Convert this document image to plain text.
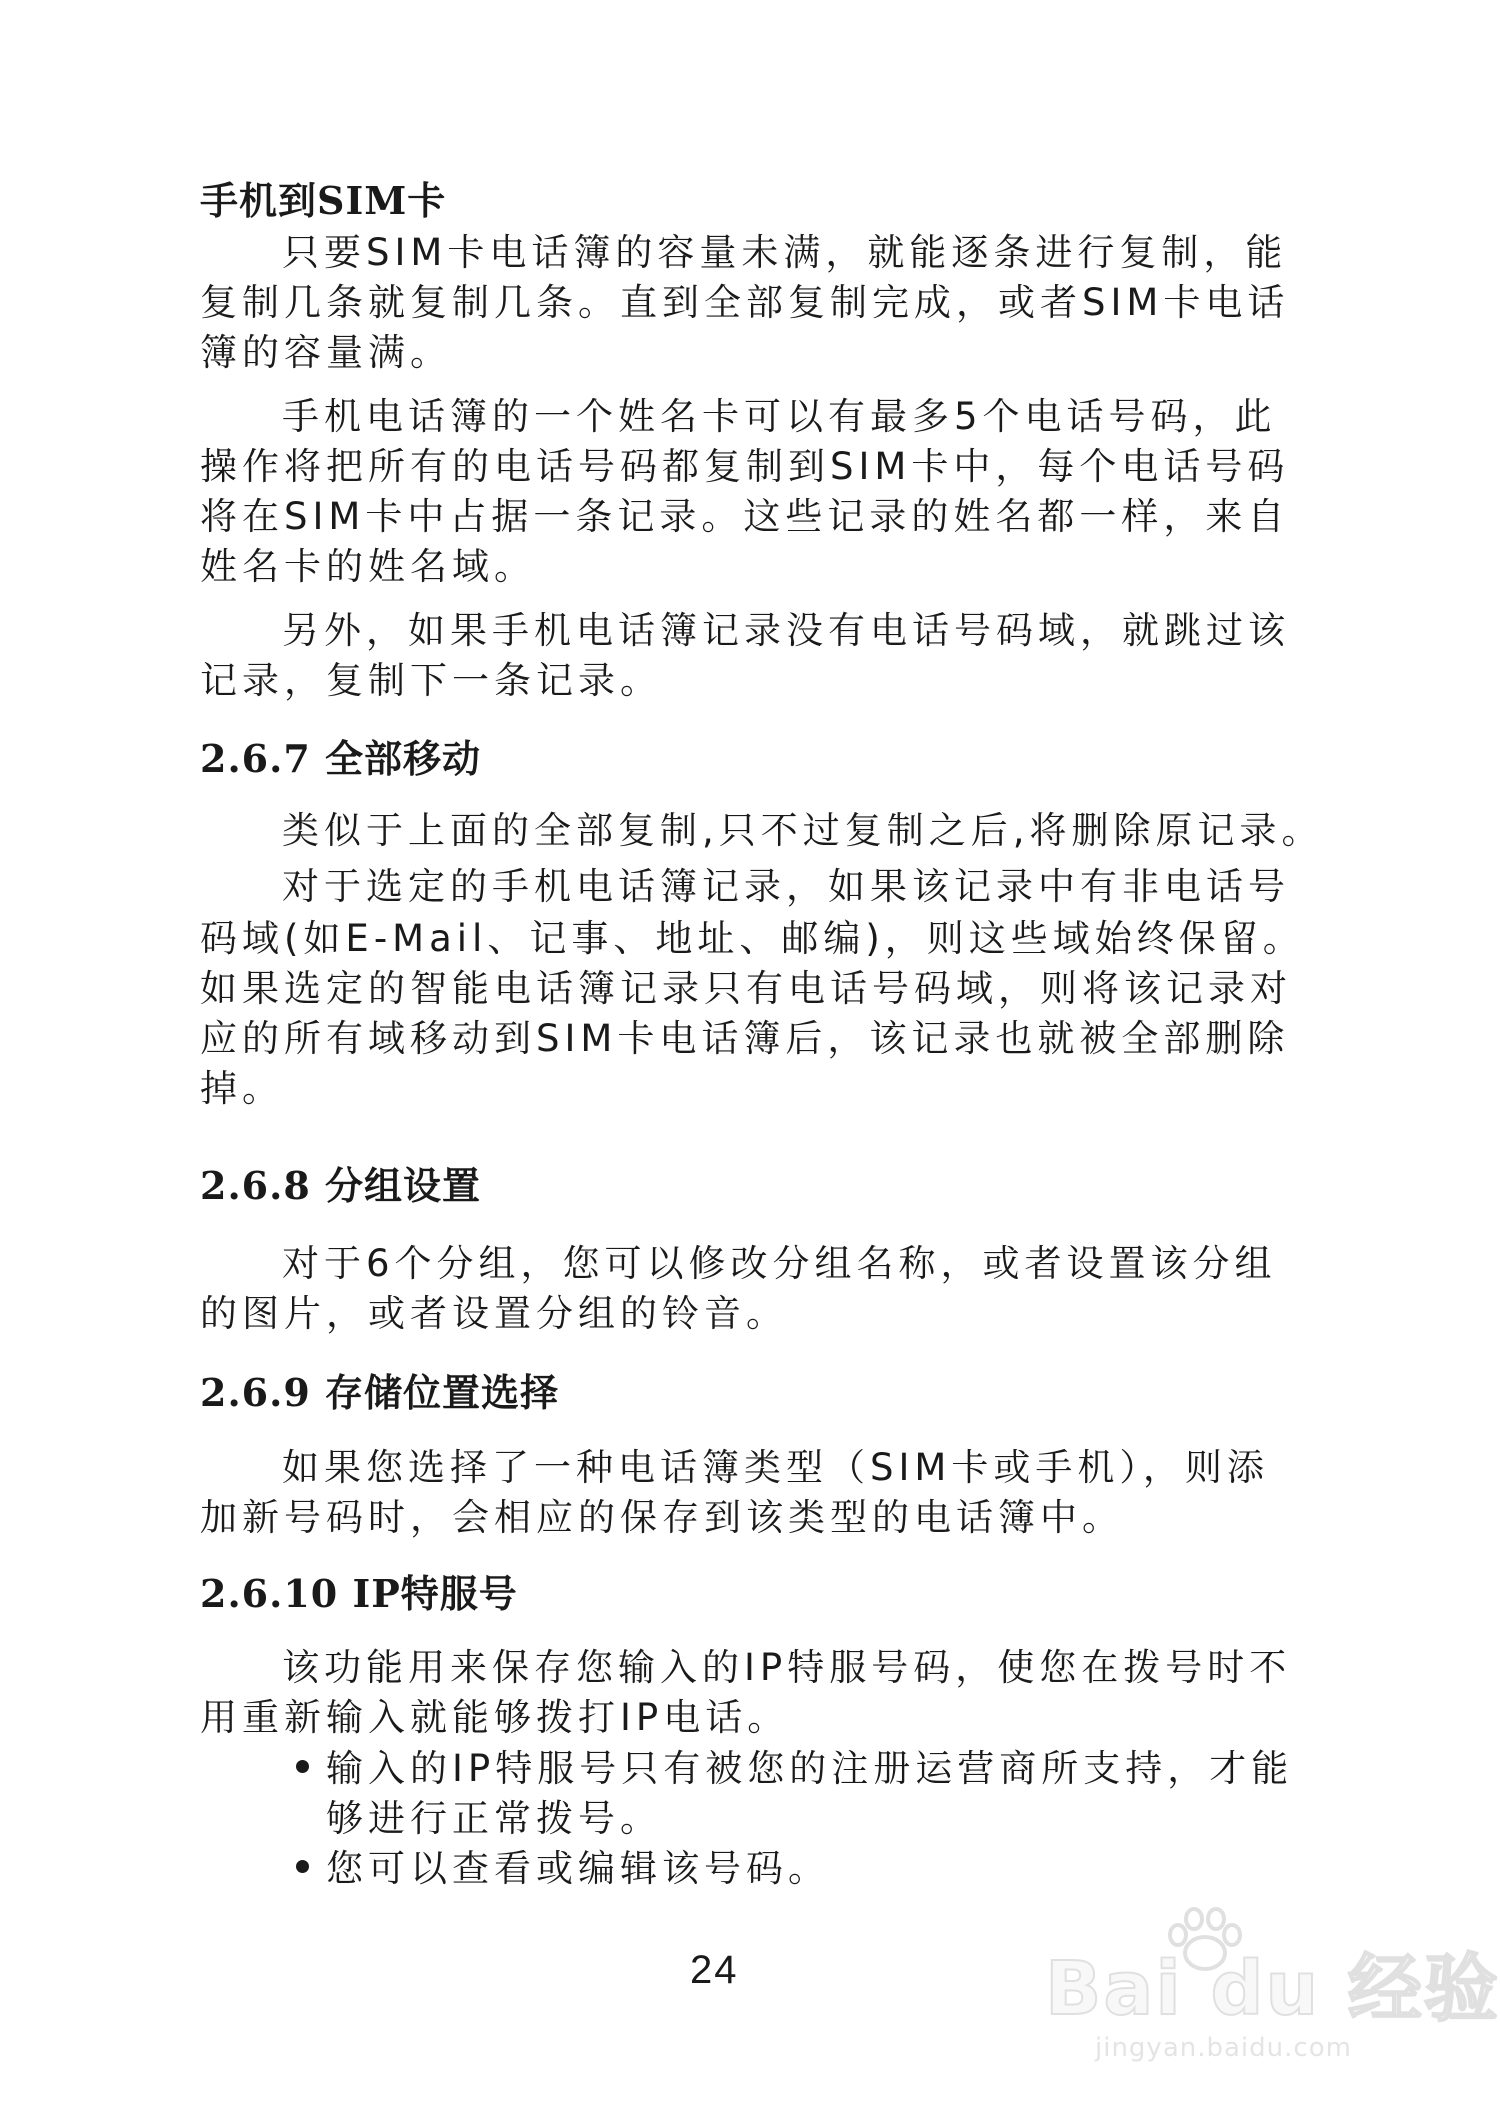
手机到SIM卡
只要SIM卡电话簿的容量未满，就能逐条进行复制，能
复制几条就复制几条。直到全部复制完成，或者SIM卡电话
簿的容量满。
手机电话簿的一个姓名卡可以有最多5个电话号码，此
操作将把所有的电话号码都复制到SIM卡中，每个电话号码
将在SIM卡中占据一条记录。这些记录的姓名都一样，来自
姓名卡的姓名域。
另外，如果手机电话簿记录没有电话号码域，就跳过该
记录，复制下一条记录。
2.6.7 全部移动
类似于上面的全部复制,只不过复制之后,将删除原记录。
对于选定的手机电话簿记录，如果该记录中有非电话号
码域(如E-Mail、记事、地址、邮编)，则这些域始终保留。
如果选定的智能电话簿记录只有电话号码域，则将该记录对
应的所有域移动到SIM卡电话簿后，该记录也就被全部删除
掉。
2.6.8 分组设置
对于6个分组，您可以修改分组名称，或者设置该分组
的图片，或者设置分组的铃音。
2.6.9 存储位置选择
如果您选择了一种电话簿类型（SIM卡或手机），则添
加新号码时，会相应的保存到该类型的电话簿中。
2.6.10 IP特服号
该功能用来保存您输入的IP特服号码，使您在拨号时不
用重新输入就能够拨打IP电话。
输入的IP特服号只有被您的注册运营商所支持，才能
够进行正常拨号。
您可以查看或编辑该号码。
24	Bai du 经验
jingyan.baidu.com
